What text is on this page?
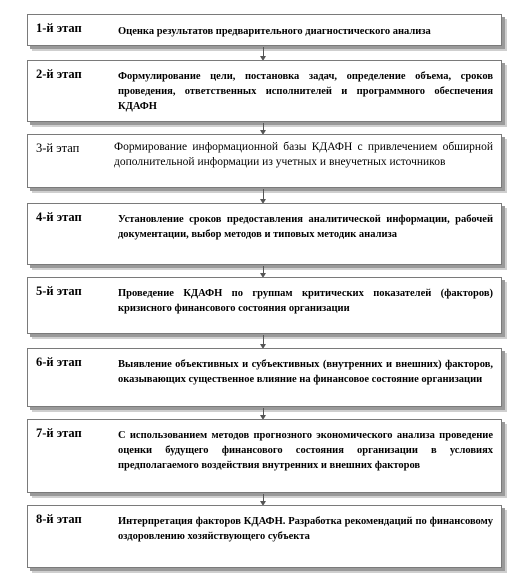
1-й этап	Оценка результатов предварительного диагностического анализа
2-й этап	Формулирование цели, постановка задач, определение объема, сроков проведения, ответственных исполнителей и программного обеспечения КДАФН
3-й этап	Формирование информационной базы КДАФН с привлечением обширной дополнительной информации из учетных и внеучетных источников
4-й этап	Установление сроков предоставления аналитической информации, рабочей документации, выбор методов и типовых методик анализа
5-й этап	Проведение КДАФН по группам критических показателей (факторов) кризисного финансового состояния организации
6-й этап	Выявление объективных и субъективных (внутренних и внешних) факторов, оказывающих существенное влияние на финансовое состояние организации
7-й этап	С использованием методов прогнозного экономического анализа проведение оценки будущего финансового состояния организации в условиях предполагаемого воздействия внутренних и внешних факторов
8-й этап	Интерпретация факторов КДАФН. Разработка рекомендаций по финансовому оздоровлению хозяйствующего субъекта
